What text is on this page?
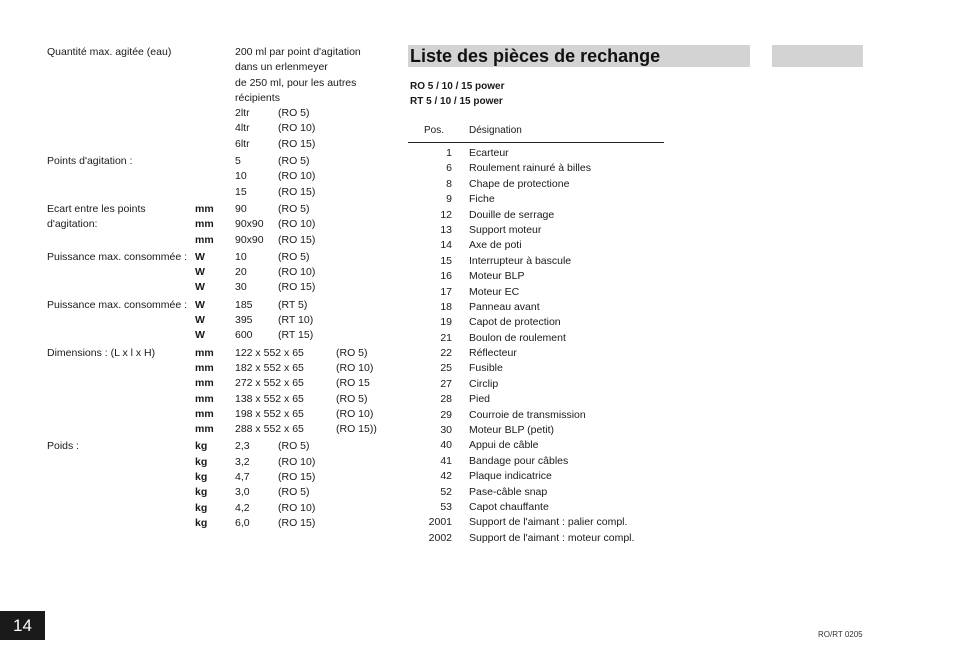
Quantité max. agitée (eau)	200 ml par point d'agitation
dans un erlenmeyer
de 250 ml, pour les autres
récipients
2ltr	(RO 5)
4ltr	(RO 10)
6ltr	(RO 15)
Points d'agitation :	5	(RO 5)
10	(RO 10)
15	(RO 15)
Ecart entre les points	mm 90	(RO 5)
d'agitation:	mm 90x90 (RO 10)
mm 90x90 (RO 15)
Puissance max. consommée : W	10	(RO 5)
W	20	(RO 10)
W	30	(RO 15)
Puissance max. consommée : W	185 (RT 5)
W	395 (RT 10)
W	600 (RT 15)
Dimensions : (L x l x H)	mm 122 x 552 x 65	(RO 5)
mm 182 x 552 x 65	(RO 10)
mm 272 x 552 x 65	(RO 15
mm 138 x 552 x 65	(RO 5)
mm 198 x 552 x 65	(RO 10)
mm 288 x 552 x 65	(RO 15))
Poids :	kg	2,3	(RO 5)
kg	3,2	(RO 10)
kg	4,7	(RO 15)
kg	3,0	(RO 5)
kg	4,2	(RO 10)
kg	6,0	(RO 15)
Liste des pièces de rechange
RO 5 / 10 / 15 power
RT 5 / 10 / 15 power
Pos. Désignation
1 Ecarteur
6 Roulement rainuré à billes
8 Chape de protectione
9 Fiche
12 Douille de serrage
13 Support moteur
14 Axe de poti
15 Interrupteur à bascule
16 Moteur BLP
17 Moteur EC
18 Panneau avant
19 Capot de protection
21 Boulon de roulement
22 Réflecteur
25 Fusible
27 Circlip
28 Pied
29 Courroie de transmission
30 Moteur BLP (petit)
40 Appui de câble
41 Bandage pour câbles
42 Plaque indicatrice
52 Pase-câble snap
53 Capot chauffante
2001 Support de l'aimant : palier compl.
2002 Support de l'aimant : moteur compl.
14	RO/RT 0205
